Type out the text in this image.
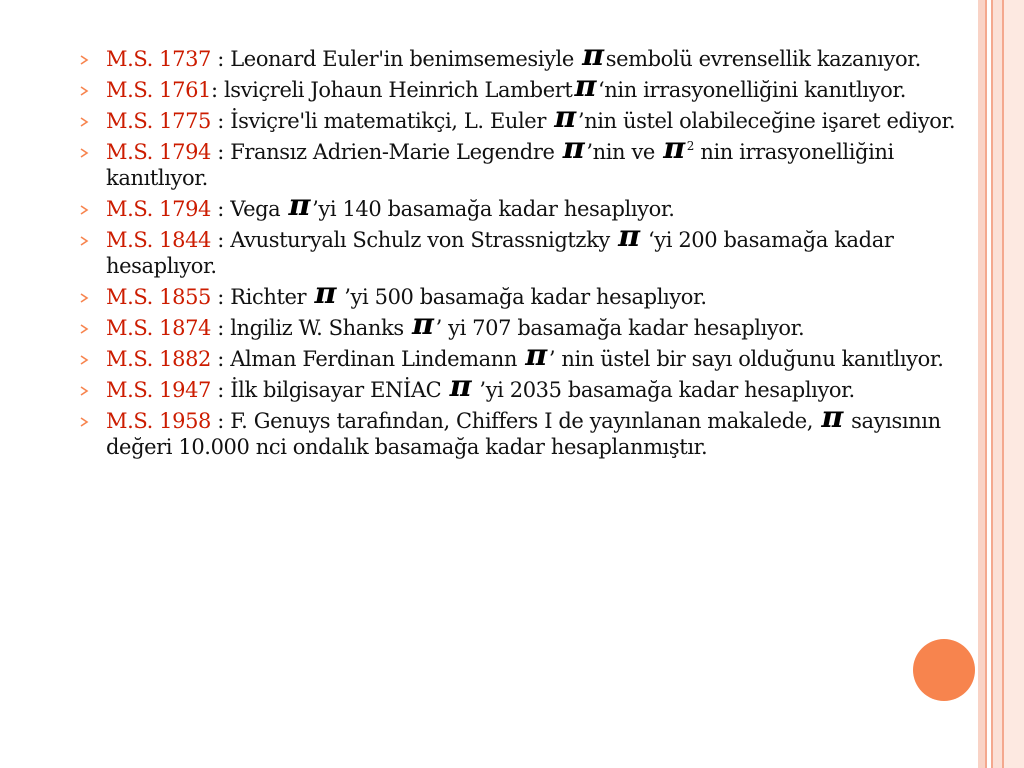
M.S. 1737 : Leonard Euler'in benimsemesiyle πsembolü evrensellik kazanıyor.
M.S. 1761: lsviçreli Johaun Heinrich Lambertπ‘nin irrasyonelliğini kanıtlıyor.
M.S. 1775 : İsviçre'li matematikçi, L. Euler π’nin üstel olabileceğine işaret ediyor.
M.S. 1794 : Fransız Adrien-Marie Legendre π’nin ve π $^2$ nin irrasyonelliğini kanıtlıyor.
M.S. 1794 : Vega π’yi 140 basamağa kadar hesaplıyor.
M.S. 1844 : Avusturyalı Schulz von Strassnigtzky π ‘yi 200 basamağa kadar hesaplıyor.
M.S. 1855 : Richter π ’yi 500 basamağa kadar hesaplıyor.
M.S. 1874 : lngiliz W. Shanks π’ yi 707 basamağa kadar hesaplıyor.
M.S. 1882 : Alman Ferdinan Lindemann π’ nin üstel bir sayı olduğunu kanıtlıyor.
M.S. 1947 : İlk bilgisayar ENİAC π ’yi 2035 basamağa kadar hesaplıyor.
M.S. 1958 : F. Genuys tarafından, Chiffers I de yayınlanan makalede, π sayısının değeri 10.000 nci ondalık basamağa kadar hesaplanmıştır.
